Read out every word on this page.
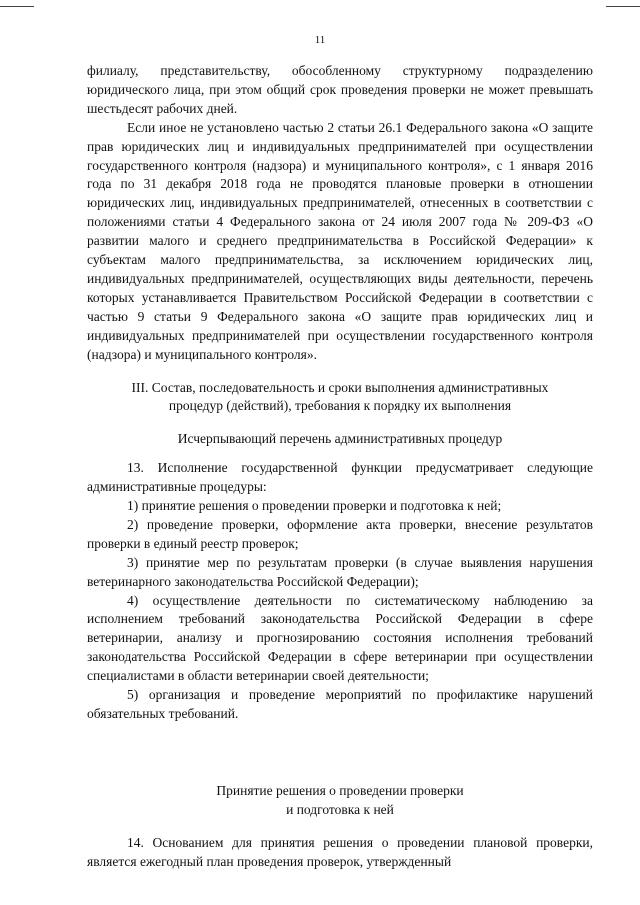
11

филиалу, представительству, обособленному структурному подразделению юридического лица, при этом общий срок проведения проверки не может превышать шестьдесят рабочих дней.

Если иное не установлено частью 2 статьи 26.1 Федерального закона «О защите прав юридических лиц и индивидуальных предпринимателей при осуществлении государственного контроля (надзора) и муниципального контроля», с 1 января 2016 года по 31 декабря 2018 года не проводятся плановые проверки в отношении юридических лиц, индивидуальных предпринимателей, отнесенных в соответствии с положениями статьи 4 Федерального закона от 24 июля 2007 года № 209-ФЗ «О развитии малого и среднего предпринимательства в Российской Федерации» к субъектам малого предпринимательства, за исключением юридических лиц, индивидуальных предпринимателей, осуществляющих виды деятельности, перечень которых устанавливается Правительством Российской Федерации в соответствии с частью 9 статьи 9 Федерального закона «О защите прав юридических лиц и индивидуальных предпринимателей при осуществлении государственного контроля (надзора) и муниципального контроля».

III. Состав, последовательность и сроки выполнения административных

процедур (действий), требования к порядку их выполнения

Исчерпывающий перечень административных процедур

13. Исполнение государственной функции предусматривает следующие административные процедуры:

1) принятие решения о проведении проверки и подготовка к ней;

2) проведение проверки, оформление акта проверки, внесение результатов проверки в единый реестр проверок;

3) принятие мер по результатам проверки (в случае выявления нарушения ветеринарного законодательства Российской Федерации);

4) осуществление деятельности по систематическому наблюдению за исполнением требований законодательства Российской Федерации в сфере ветеринарии, анализу и прогнозированию состояния исполнения требований законодательства Российской Федерации в сфере ветеринарии при осуществлении специалистами в области ветеринарии своей деятельности;

5) организация и проведение мероприятий по профилактике нарушений обязательных требований.

Принятие решения о проведении проверки

и подготовка к ней

14. Основанием для принятия решения о проведении плановой проверки, является ежегодный план проведения проверок, утвержденный
